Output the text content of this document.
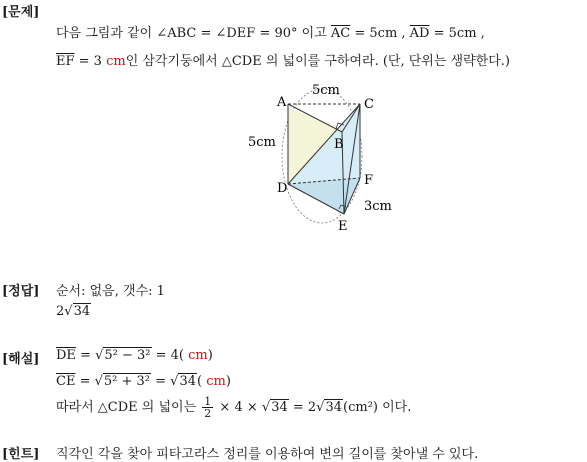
[문제]
다음 그림과 같이 ∠ABC = ∠DEF = 90° 이고 $\overline{AC} = 5cm$ , $\overline{AD} = 5cm$ ,
$\overline{EF} = 3$ cm인 삼각기둥에서 △CDE 의 넓이를 구하여라. (단, 단위는 생략한다.)
A	C
B
D
F
E
5cm
5cm
3cm
[정답] 순서: 없음, 갯수: 1
2√34
[해설] $\overline{DE} = √5^2 - 3^2 = 4$( cm)
$\overline{CE} = √5^2 + 3^2 = √34$( cm)
따라서 △CDE 의 넓이는 $\frac{1}{2} \times 4 \times √34 = 2√34(cm^2)$ 이다.
[힌트] 직각인 각을 찾아 피타고라스 정리를 이용하여 변의 길이를 찾아낼 수 있다.
